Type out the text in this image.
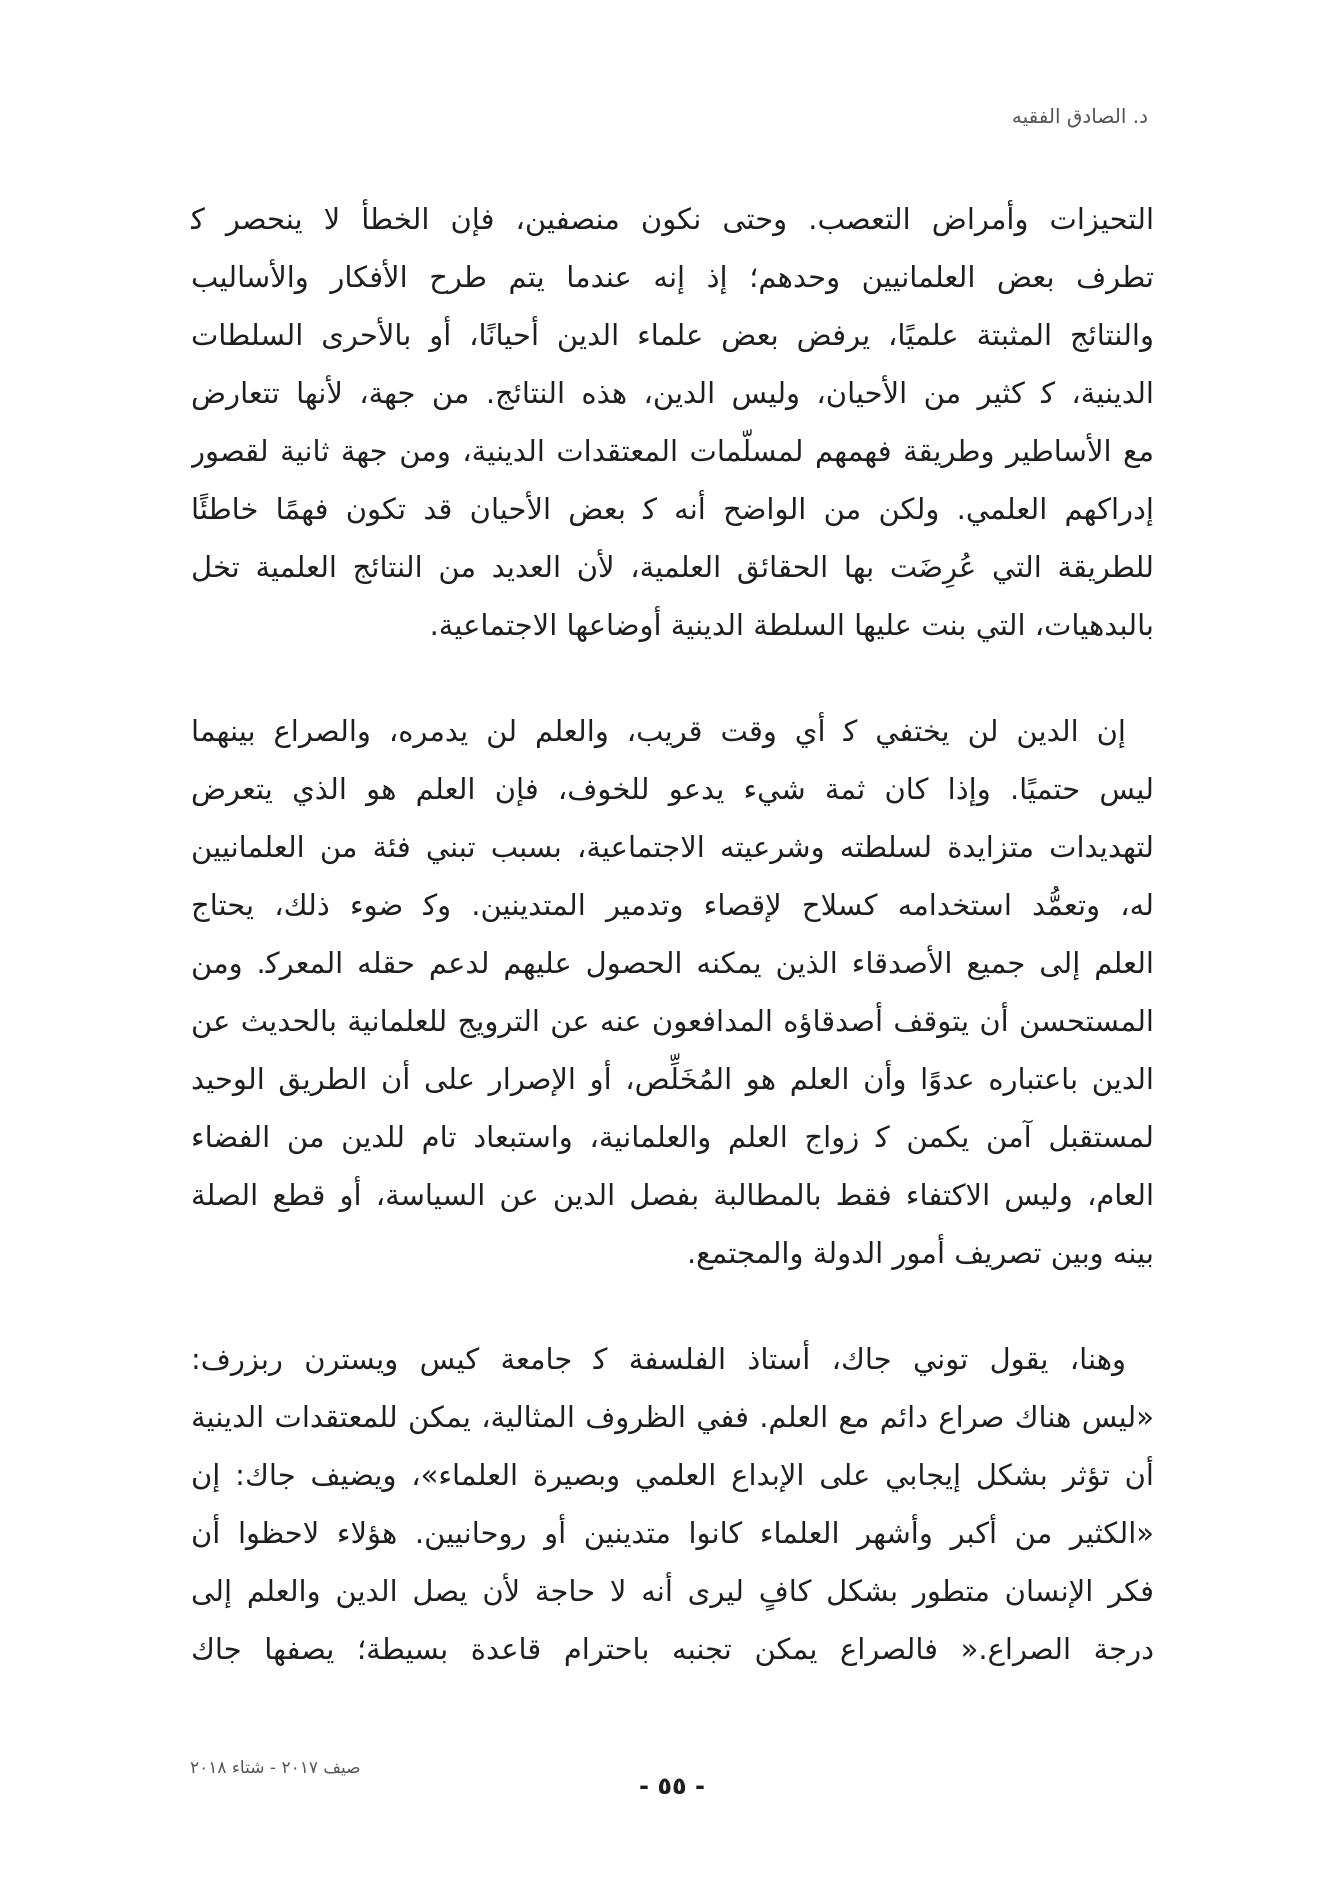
د. الصادق الفقيه
التحيزات وأمراض التعصب. وحتى نكون منصفين، فإن الخطأ لا ينحصر ﮐ
تطرف بعض العلمانيين وحدهم؛ إذ إنه عندما يتم طرح الأفكار والأساليب
والنتائج المثبتة علميًا، يرفض بعض علماء الدين أحيانًا، أو بالأحرى السلطات
الدينية، ﮐ كثير من الأحيان، وليس الدين، هذه النتائج. من جهة، لأنها تتعارض
مع الأساطير وطريقة فهمهم لمسلّمات المعتقدات الدينية، ومن جهة ثانية لقصور
إدراكهم العلمي. ولكن من الواضح أنه ﮐ بعض الأحيان قد تكون فهمًا خاطئًا
للطريقة التي عُرِضَت بها الحقائق العلمية، لأن العديد من النتائج العلمية تخل
بالبدهيات، التي بنت عليها السلطة الدينية أوضاعها الاجتماعية.
إن الدين لن يختفي ﮐ أي وقت قريب، والعلم لن يدمره، والصراع بينهما
ليس حتميًا. وإذا كان ثمة شيء يدعو للخوف، فإن العلم هو الذي يتعرض
لتهديدات متزايدة لسلطته وشرعيته الاجتماعية، بسبب تبني فئة من العلمانيين
له، وتعمُّد استخدامه كسلاح لإقصاء وتدمير المتدينين. وﮐ ضوء ذلك، يحتاج
العلم إلى جميع الأصدقاء الذين يمكنه الحصول عليهم لدعم حقله المعرﮐ. ومن
المستحسن أن يتوقف أصدقاؤه المدافعون عنه عن الترويج للعلمانية بالحديث عن
الدين باعتباره عدوًا وأن العلم هو المُخَلِّص، أو الإصرار على أن الطريق الوحيد
لمستقبل آمن يكمن ﮐ زواج العلم والعلمانية، واستبعاد تام للدين من الفضاء
العام، وليس الاكتفاء فقط بالمطالبة بفصل الدين عن السياسة، أو قطع الصلة
بينه وبين تصريف أمور الدولة والمجتمع.
وهنا، يقول توني جاك، أستاذ الفلسفة ﮐ جامعة كيس ويسترن ربزرف:
«ليس هناك صراع دائم مع العلم. ففي الظروف المثالية، يمكن للمعتقدات الدينية
أن تؤثر بشكل إيجابي على الإبداع العلمي وبصيرة العلماء»، ويضيف جاك: إن
«الكثير من أكبر وأشهر العلماء كانوا متدينين أو روحانيين. هؤلاء لاحظوا أن
فكر الإنسان متطور بشكل كافٍ ليرى أنه لا حاجة لأن يصل الدين والعلم إلى
درجة الصراع.« فالصراع يمكن تجنبه باحترام قاعدة بسيطة؛ يصفها جاك
صيف ٢٠١٧ - شتاء ٢٠١٨
- ٥٥ -
